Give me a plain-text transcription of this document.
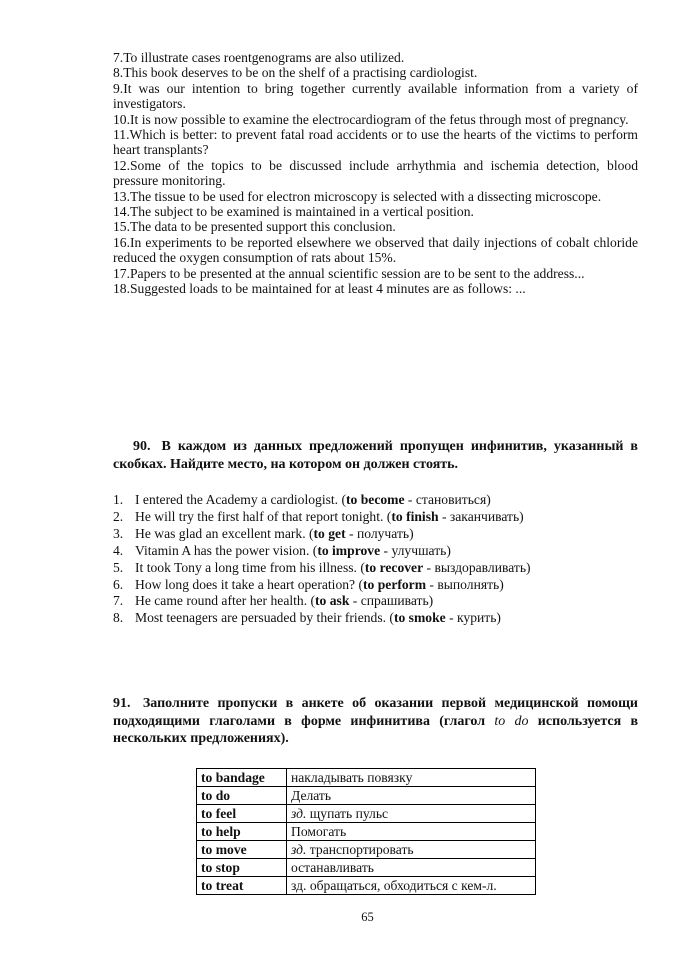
7.To illustrate cases roentgenograms are also utilized.

8.This book deserves to be on the shelf of a practising cardiologist.

9.It was our intention to bring together currently available information from a variety of investigators.

10.It is now possible to examine the electrocardiogram of the fetus through most of pregnancy.

11.Which is better: to prevent fatal road accidents or to use the hearts of the victims to perform heart transplants?

12.Some of the topics to be discussed include arrhythmia and ischemia detection, blood pressure monitoring.

13.The tissue to be used for electron microscopy is selected with a dissecting microscope.

14.The subject to be examined is maintained in a vertical position.

15.The data to be presented support this conclusion.

16.In experiments to be reported elsewhere we observed that daily injections of cobalt chloride reduced the oxygen consumption of rats about 15%.

17.Papers to be presented at the annual scientific session are to be sent to the address...

18.Suggested loads to be maintained for at least 4 minutes are as follows: ...

90. В каждом из данных предложений пропущен инфинитив, указанный в скобках. Найдите место, на котором он должен стоять.
1. I entered the Academy a cardiologist. (to become - становиться)
2. He will try the first half of that report tonight. (to finish - заканчивать)
3. He was glad an excellent mark. (to get - получать)
4. Vitamin A has the power vision. (to improve - улучшать)
5. It took Tony a long time from his illness. (to recover - выздоравливать)
6. How long does it take a heart operation? (to perform - выполнять)
7. He came round after her health. (to ask - спрашивать)
8. Most teenagers are persuaded by their friends. (to smoke - курить)
91. Заполните пропуски в анкете об оказании первой медицинской помощи подходящими глаголами в форме инфинитива (глагол to do используется в нескольких предложениях).
to bandage	накладывать повязку
to do	Делать
to feel	зд. щупать пульс
to help	Помогать
to move	зд. транспортировать
to stop	останавливать
to treat	зд. обращаться, обходиться с кем-л.
65
